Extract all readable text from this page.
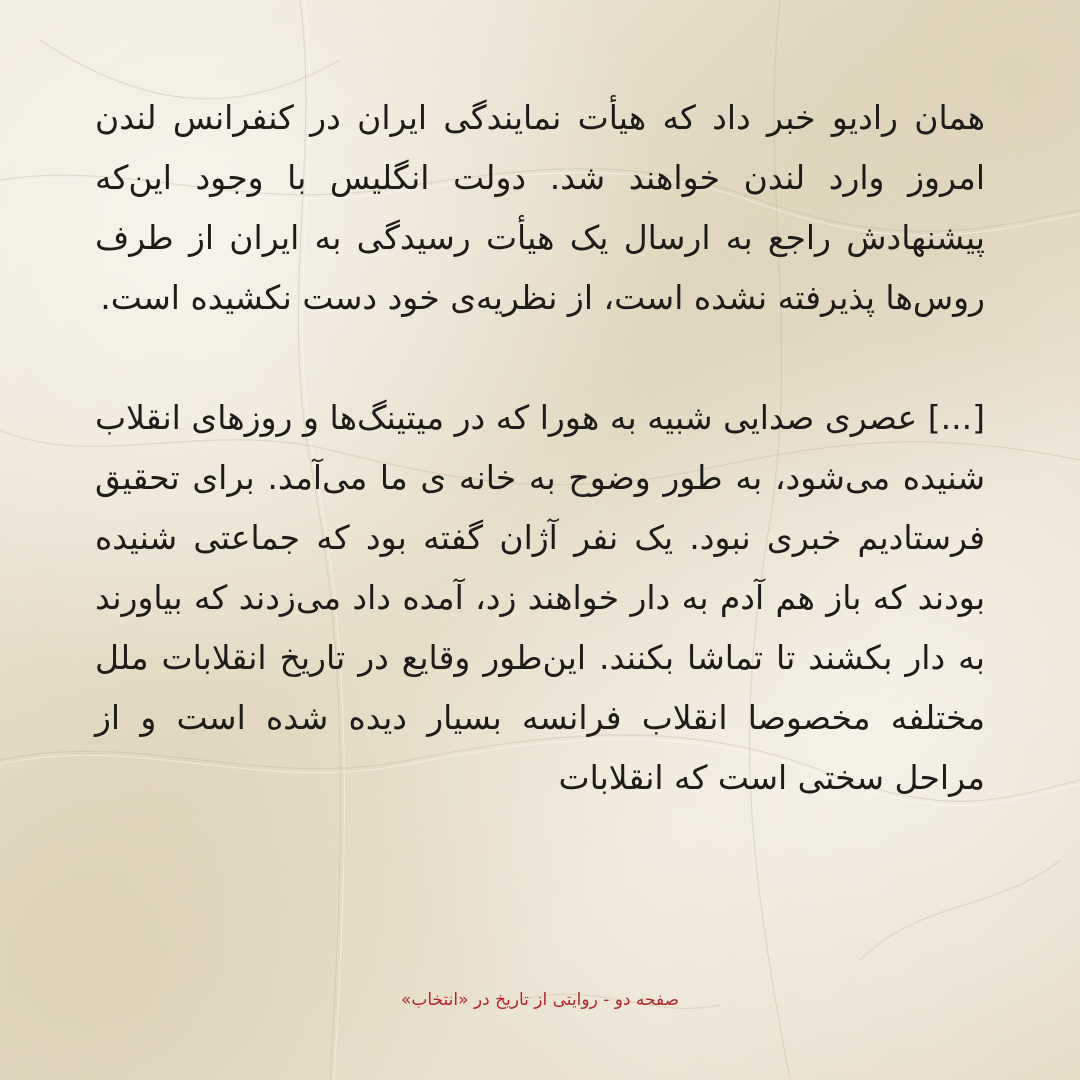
همان رادیو خبر داد که هیأت نمایندگی ایران در کنفرانس لندن امروز وارد لندن خواهند شد. دولت انگلیس با وجود این‌که پیشنهادش راجع به ارسال یک هیأت رسیدگی به ایران از طرف روس‌ها پذیرفته نشده است، از نظریه‌ی خود دست نکشیده است.

[...] عصری صدایی شبیه به هورا که در میتینگ‌ها و روزهای انقلاب شنیده می‌شود، به طور وضوح به خانه ی ما می‌آمد. برای تحقیق فرستادیم خبری نبود. یک نفر آژان گفته بود که جماعتی شنیده بودند که باز هم آدم به دار خواهند زد، آمده داد می‌زدند که بیاورند به دار بکشند تا تماشا بکنند. این‌طور وقایع در تاریخ انقلابات ملل مختلفه مخصوصا انقلاب فرانسه بسیار دیده شده است و از مراحل سختی است که انقلابات

صفحه دو - روایتی از تاریخ در «انتخاب»
